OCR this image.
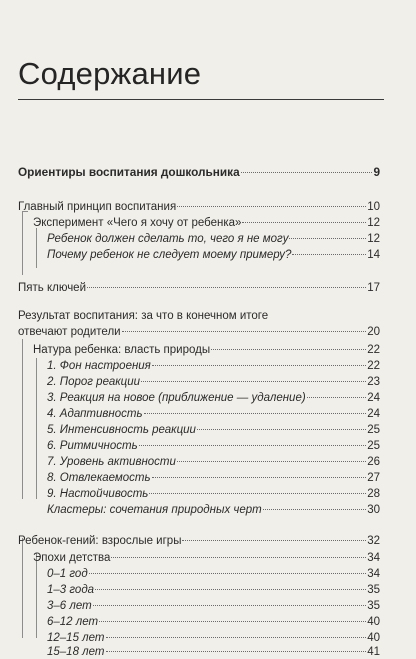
Содержание
Ориентиры воспитания дошкольника	9
Главный принцип воспитания	10
Эксперимент «Чего я хочу от ребенка»	12
Ребенок должен сделать то, чего я не могу	12
Почему ребенок не следует моему примеру?	14
Пять ключей	17
Результат воспитания: за что в конечном итоге
отвечают родители	20
Натура ребенка: власть природы	22
1. Фон настроения	22
2. Порог реакции	23
3. Реакция на новое (приближение — удаление)	24
4. Адаптивность	24
5. Интенсивность реакции	25
6. Ритмичность	25
7. Уровень активности	26
8. Отвлекаемость	27
9. Настойчивость	28
Кластеры: сочетания природных черт	30
Ребенок-гений: взрослые игры	32
Эпохи детства	34
0–1 год	34
1–3 года	35
3–6 лет	35
6–12 лет	40
12–15 лет	40
15–18 лет	41
